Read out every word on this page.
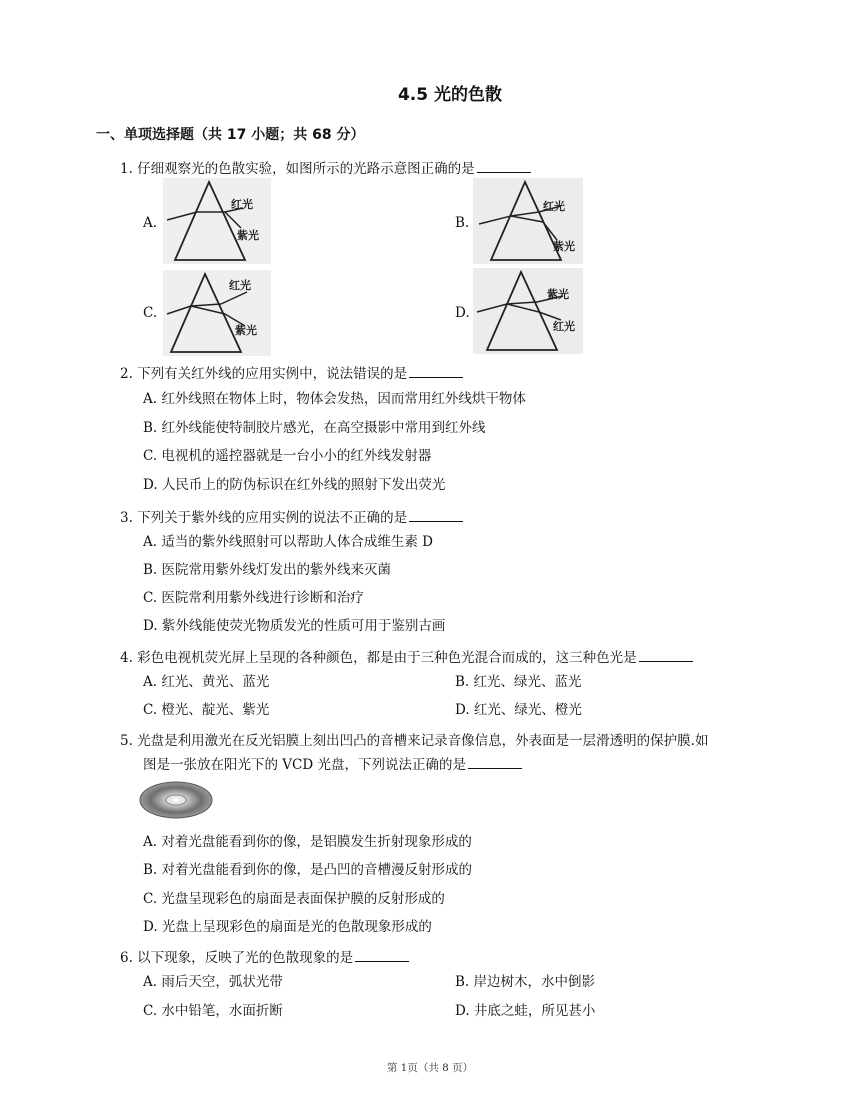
4.5 光的色散
一、单项选择题（共 17 小题；共 68 分）
1. 仔细观察光的色散实验，如图所示的光路示意图正确的是
A.	B.
C.	D.
红光
紫光
红光
紫光
红光
紫光
紫光
红光
2. 下列有关红外线的应用实例中，说法错误的是
A. 红外线照在物体上时，物体会发热，因而常用红外线烘干物体
B. 红外线能使特制胶片感光，在高空摄影中常用到红外线
C. 电视机的遥控器就是一台小小的红外线发射器
D. 人民币上的防伪标识在红外线的照射下发出荧光
3. 下列关于紫外线的应用实例的说法不正确的是
A. 适当的紫外线照射可以帮助人体合成维生素 D
B. 医院常用紫外线灯发出的紫外线来灭菌
C. 医院常利用紫外线进行诊断和治疗
D. 紫外线能使荧光物质发光的性质可用于鉴别古画
4. 彩色电视机荧光屏上呈现的各种颜色，都是由于三种色光混合而成的，这三种色光是
A. 红光、黄光、蓝光	B. 红光、绿光、蓝光
C. 橙光、靛光、紫光	D. 红光、绿光、橙光
5. 光盘是利用激光在反光铝膜上刻出凹凸的音槽来记录音像信息，外表面是一层滑透明的保护膜.如
图是一张放在阳光下的 VCD 光盘，下列说法正确的是
A. 对着光盘能看到你的像，是铝膜发生折射现象形成的
B. 对着光盘能看到你的像，是凸凹的音槽漫反射形成的
C. 光盘呈现彩色的扇面是表面保护膜的反射形成的
D. 光盘上呈现彩色的扇面是光的色散现象形成的
6. 以下现象，反映了光的色散现象的是
A. 雨后天空，弧状光带	B. 岸边树木，水中倒影
C. 水中铅笔，水面折断	D. 井底之蛙，所见甚小
第 1页（共 8 页）
